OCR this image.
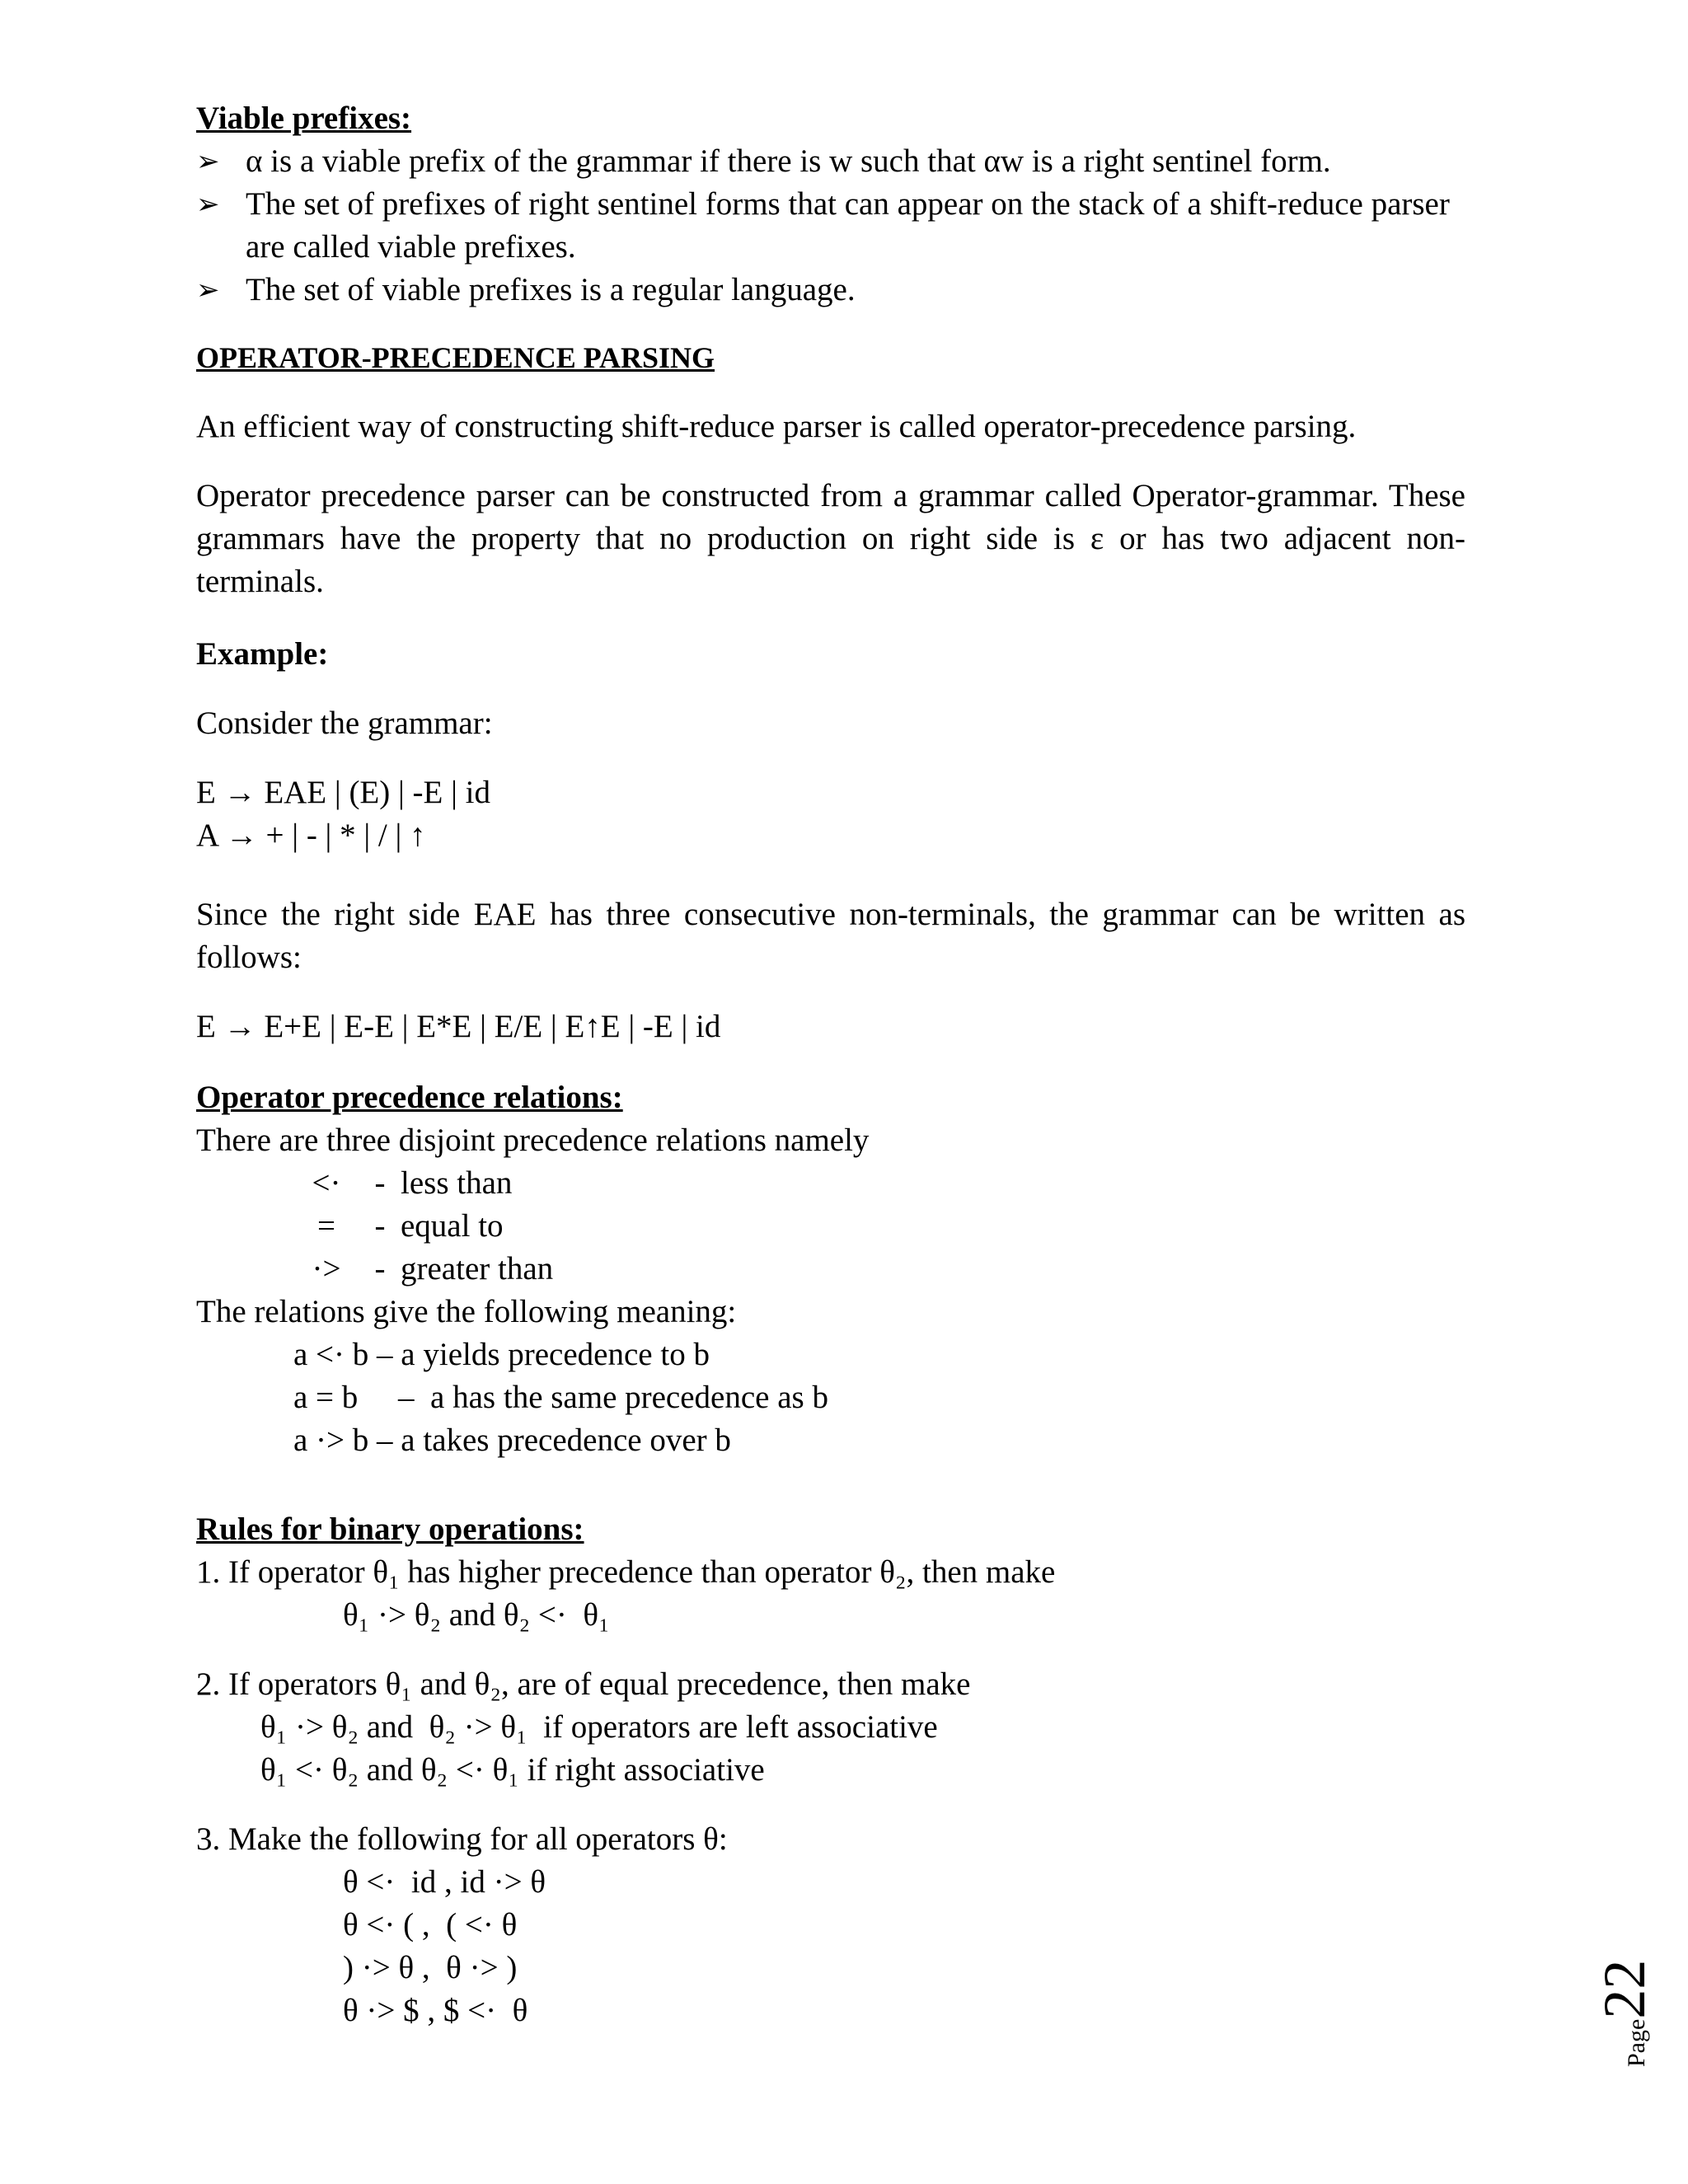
Viable prefixes:
➢ α is a viable prefix of the grammar if there is w such that αw is a right sentinel form.
➢ The set of prefixes of right sentinel forms that can appear on the stack of a shift-reduce parser are called viable prefixes.
➢ The set of viable prefixes is a regular language.
OPERATOR-PRECEDENCE PARSING

An efficient way of constructing shift-reduce parser is called operator-precedence parsing.

Operator precedence parser can be constructed from a grammar called Operator-grammar. These grammars have the property that no production on right side is ε or has two adjacent non-terminals.

Example:

Consider the grammar:

E → EAE | (E) | -E | id

A → + | - | * | / | ↑

Since the right side EAE has three consecutive non-terminals, the grammar can be written as follows:

E → E+E | E-E | E*E | E/E | E↑E | -E | id

Operator precedence relations:

There are three disjoint precedence relations namely

<·	- less than
=	- equal to
·>	- greater than

The relations give the following meaning:

a <· b – a yields precedence to b

a = b     –  a has the same precedence as b

a ·> b – a takes precedence over b

Rules for binary operations:

1. If operator θ₁ has higher precedence than operator θ₂, then make

θ₁ ·> θ₂ and θ₂ <·  θ₁

2. If operators θ₁ and θ₂, are of equal precedence, then make

θ₁ ·> θ₂ and  θ₂ ·> θ₁  if operators are left associative

θ₁ <· θ₂ and θ₂ <· θ₁ if right associative

3. Make the following for all operators θ:

θ <·  id , id ·> θ

θ <· ( ,  ( <· θ

) ·> θ ,  θ ·> )

θ ·> $ , $ <·  θ

Page
22
